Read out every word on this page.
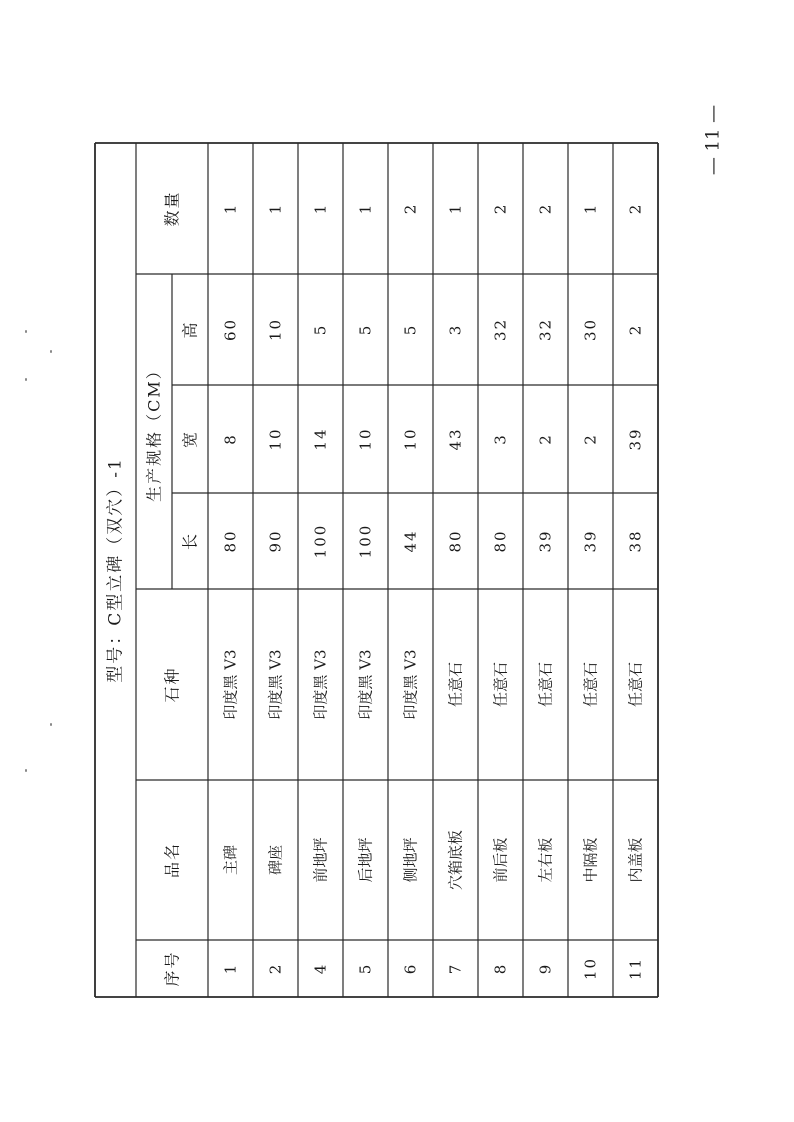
— 11 —
型号：C型立碑（双穴）-1
数量
石种
品名
序号
生产规格（CM）
高
宽
长
1
60
8
80
印度黑 V3
主碑
1
1
10
10
90
印度黑 V3
碑座
2
1
5
14
100
印度黑 V3
前地坪
4
1
5
10
100
印度黑 V3
后地坪
5
2
5
10
44
印度黑 V3
侧地坪
6
1
3
43
80
任意石
穴箱底板
7
2
32
3
80
任意石
前后板
8
2
32
2
39
任意石
左右板
9
1
30
2
39
任意石
中隔板
10
2
2
39
38
任意石
内盖板
11
